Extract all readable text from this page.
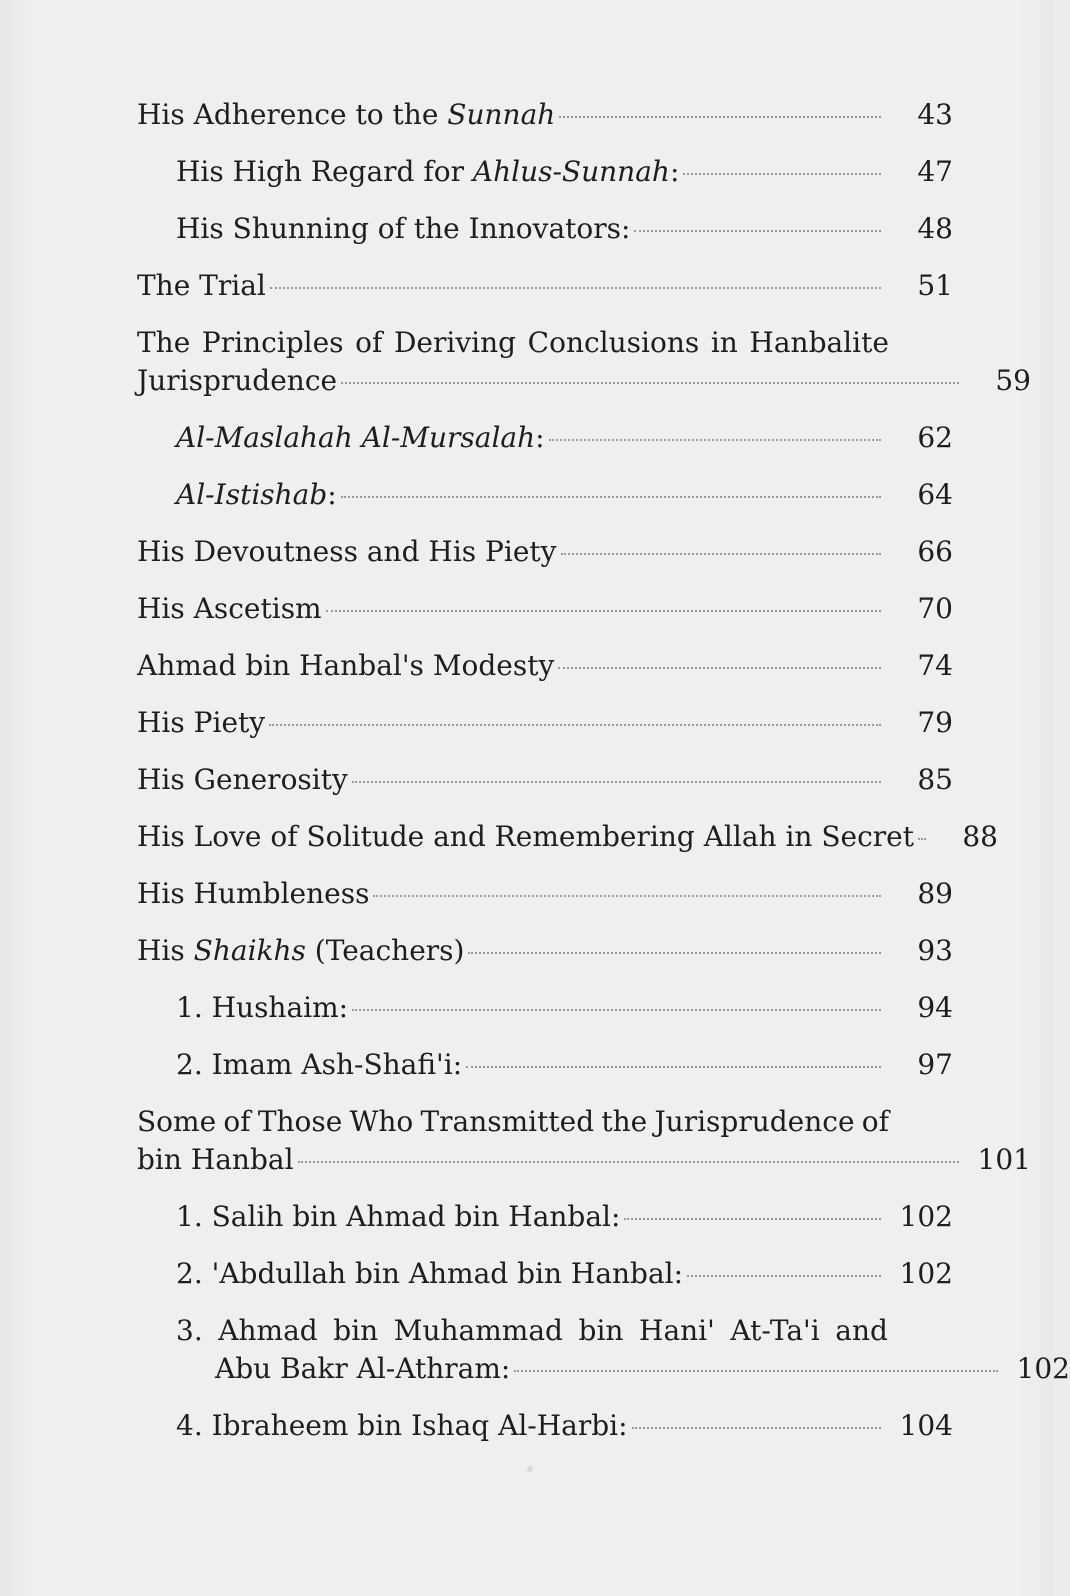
His Adherence to the Sunnah	43
His High Regard for Ahlus-Sunnah:	47
His Shunning of the Innovators:	48
The Trial	51
The Principles of Deriving Conclusions in Hanbalite
Jurisprudence	59
Al-Maslahah Al-Mursalah:	62
Al-Istishab:	64
His Devoutness and His Piety	66
His Ascetism	70
Ahmad bin Hanbal's Modesty	74
His Piety	79
His Generosity	85
His Love of Solitude and Remembering Allah in Secret	88
His Humbleness	89
His Shaikhs (Teachers)	93
1. Hushaim:	94
2. Imam Ash-Shafi'i:	97
Some of Those Who Transmitted the Jurisprudence of
bin Hanbal	101
1. Salih bin Ahmad bin Hanbal:	102
2. 'Abdullah bin Ahmad bin Hanbal:	102
3. Ahmad bin Muhammad bin Hani' At-Ta'i and
Abu Bakr Al-Athram:	102
4. Ibraheem bin Ishaq Al-Harbi:	104
